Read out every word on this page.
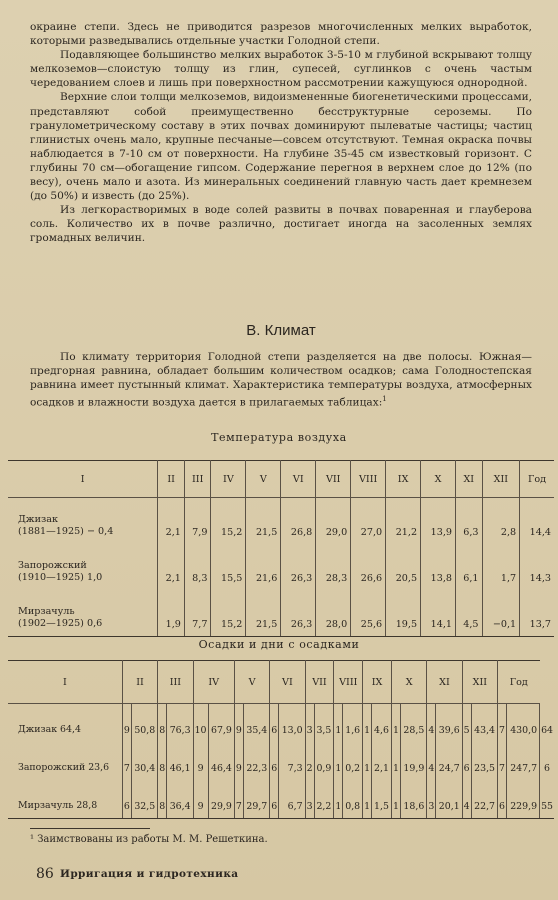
окраине степи. Здесь не приводится разрезов многочисленных мелких выработок, которыми разведывались отдельные участки Голодной степи.

Подавляющее большинство мелких выработок 3-5-10 м глубиной вскрывают толщу мелкоземов—слоистую толщу из глин, супесей, суглинков с очень частым чередованием слоев и лишь при поверхностном рассмотрении кажущуюся однородной.

Верхние слои толщи мелкоземов, видоизмененные биогенетическими процессами, представляют собой преимущественно бесструктурные сероземы. По гранулометрическому составу в этих почвах доминируют пылеватые частицы; частиц глинистых очень мало, крупные песчаные—совсем отсутствуют. Темная окраска почвы наблюдается в 7-10 см от поверхности. На глубине 35-45 см известковый горизонт. С глубины 70 см—обогащение гипсом. Содержание перегноя в верхнем слое до 12% (по весу), очень мало и азота. Из минеральных соединений главную часть дает кремнезем (до 50%) и известь (до 25%).

Из легкорастворимых в воде солей развиты в почвах поваренная и глауберова соль. Количество их в почве различно, достигает иногда на засоленных землях громадных величин.

В. Климат

По климату территория Голодной степи разделяется на две полосы. Южная—предгорная равнина, обладает большим количеством осадков; сама Голодностепская равнина имеет пустынный климат. Характеристика температуры воздуха, атмосферных осадков и влажности воздуха дается в прилагаемых таблицах:$^1$

Температура воздуха
I	II	III	IV	V	VI	VII	VIII	IX	X	XI	XII	Год

Джизак
(1881—1925) − 0,4	2,1	7,9	15,2	21,5	26,8	29,0	27,0	21,2	13,9	6,3	2,8	14,4

Запорожский
(1910—1925) 1,0	2,1	8,3	15,5	21,6	26,3	28,3	26,6	20,5	13,8	6,1	1,7	14,3

Мирзачуль
(1902—1925) 0,6	1,9	7,7	15,2	21,5	26,3	28,0	25,6	19,5	14,1	4,5	−0,1	13,7
Осадки и дни с осадками
I	II		III		IV		V		VI		VII		VIII		IX		X		XI		XII		Год		
Джизак 64,4	9	50,8	8	76,3	10	67,9	9	35,4	6	13,0	3	3,5	1	1,6	1	4,6	1	28,5	4	39,6	5	43,4	7	430,0	64
Запорожский 23,6	7	30,4	8	46,1	9	46,4	9	22,3	6	7,3	2	0,9	1	0,2	1	2,1	1	19,9	4	24,7	6	23,5	7	247,7	6
Мирзачуль 28,8	6	32,5	8	36,4	9	29,9	7	29,7	6	6,7	3	2,2	1	0,8	1	1,5	1	18,6	3	20,1	4	22,7	6	229,9	55
¹ Заимствованы из работы М. М. Решеткина.
86 Ирригация и гидротехника
